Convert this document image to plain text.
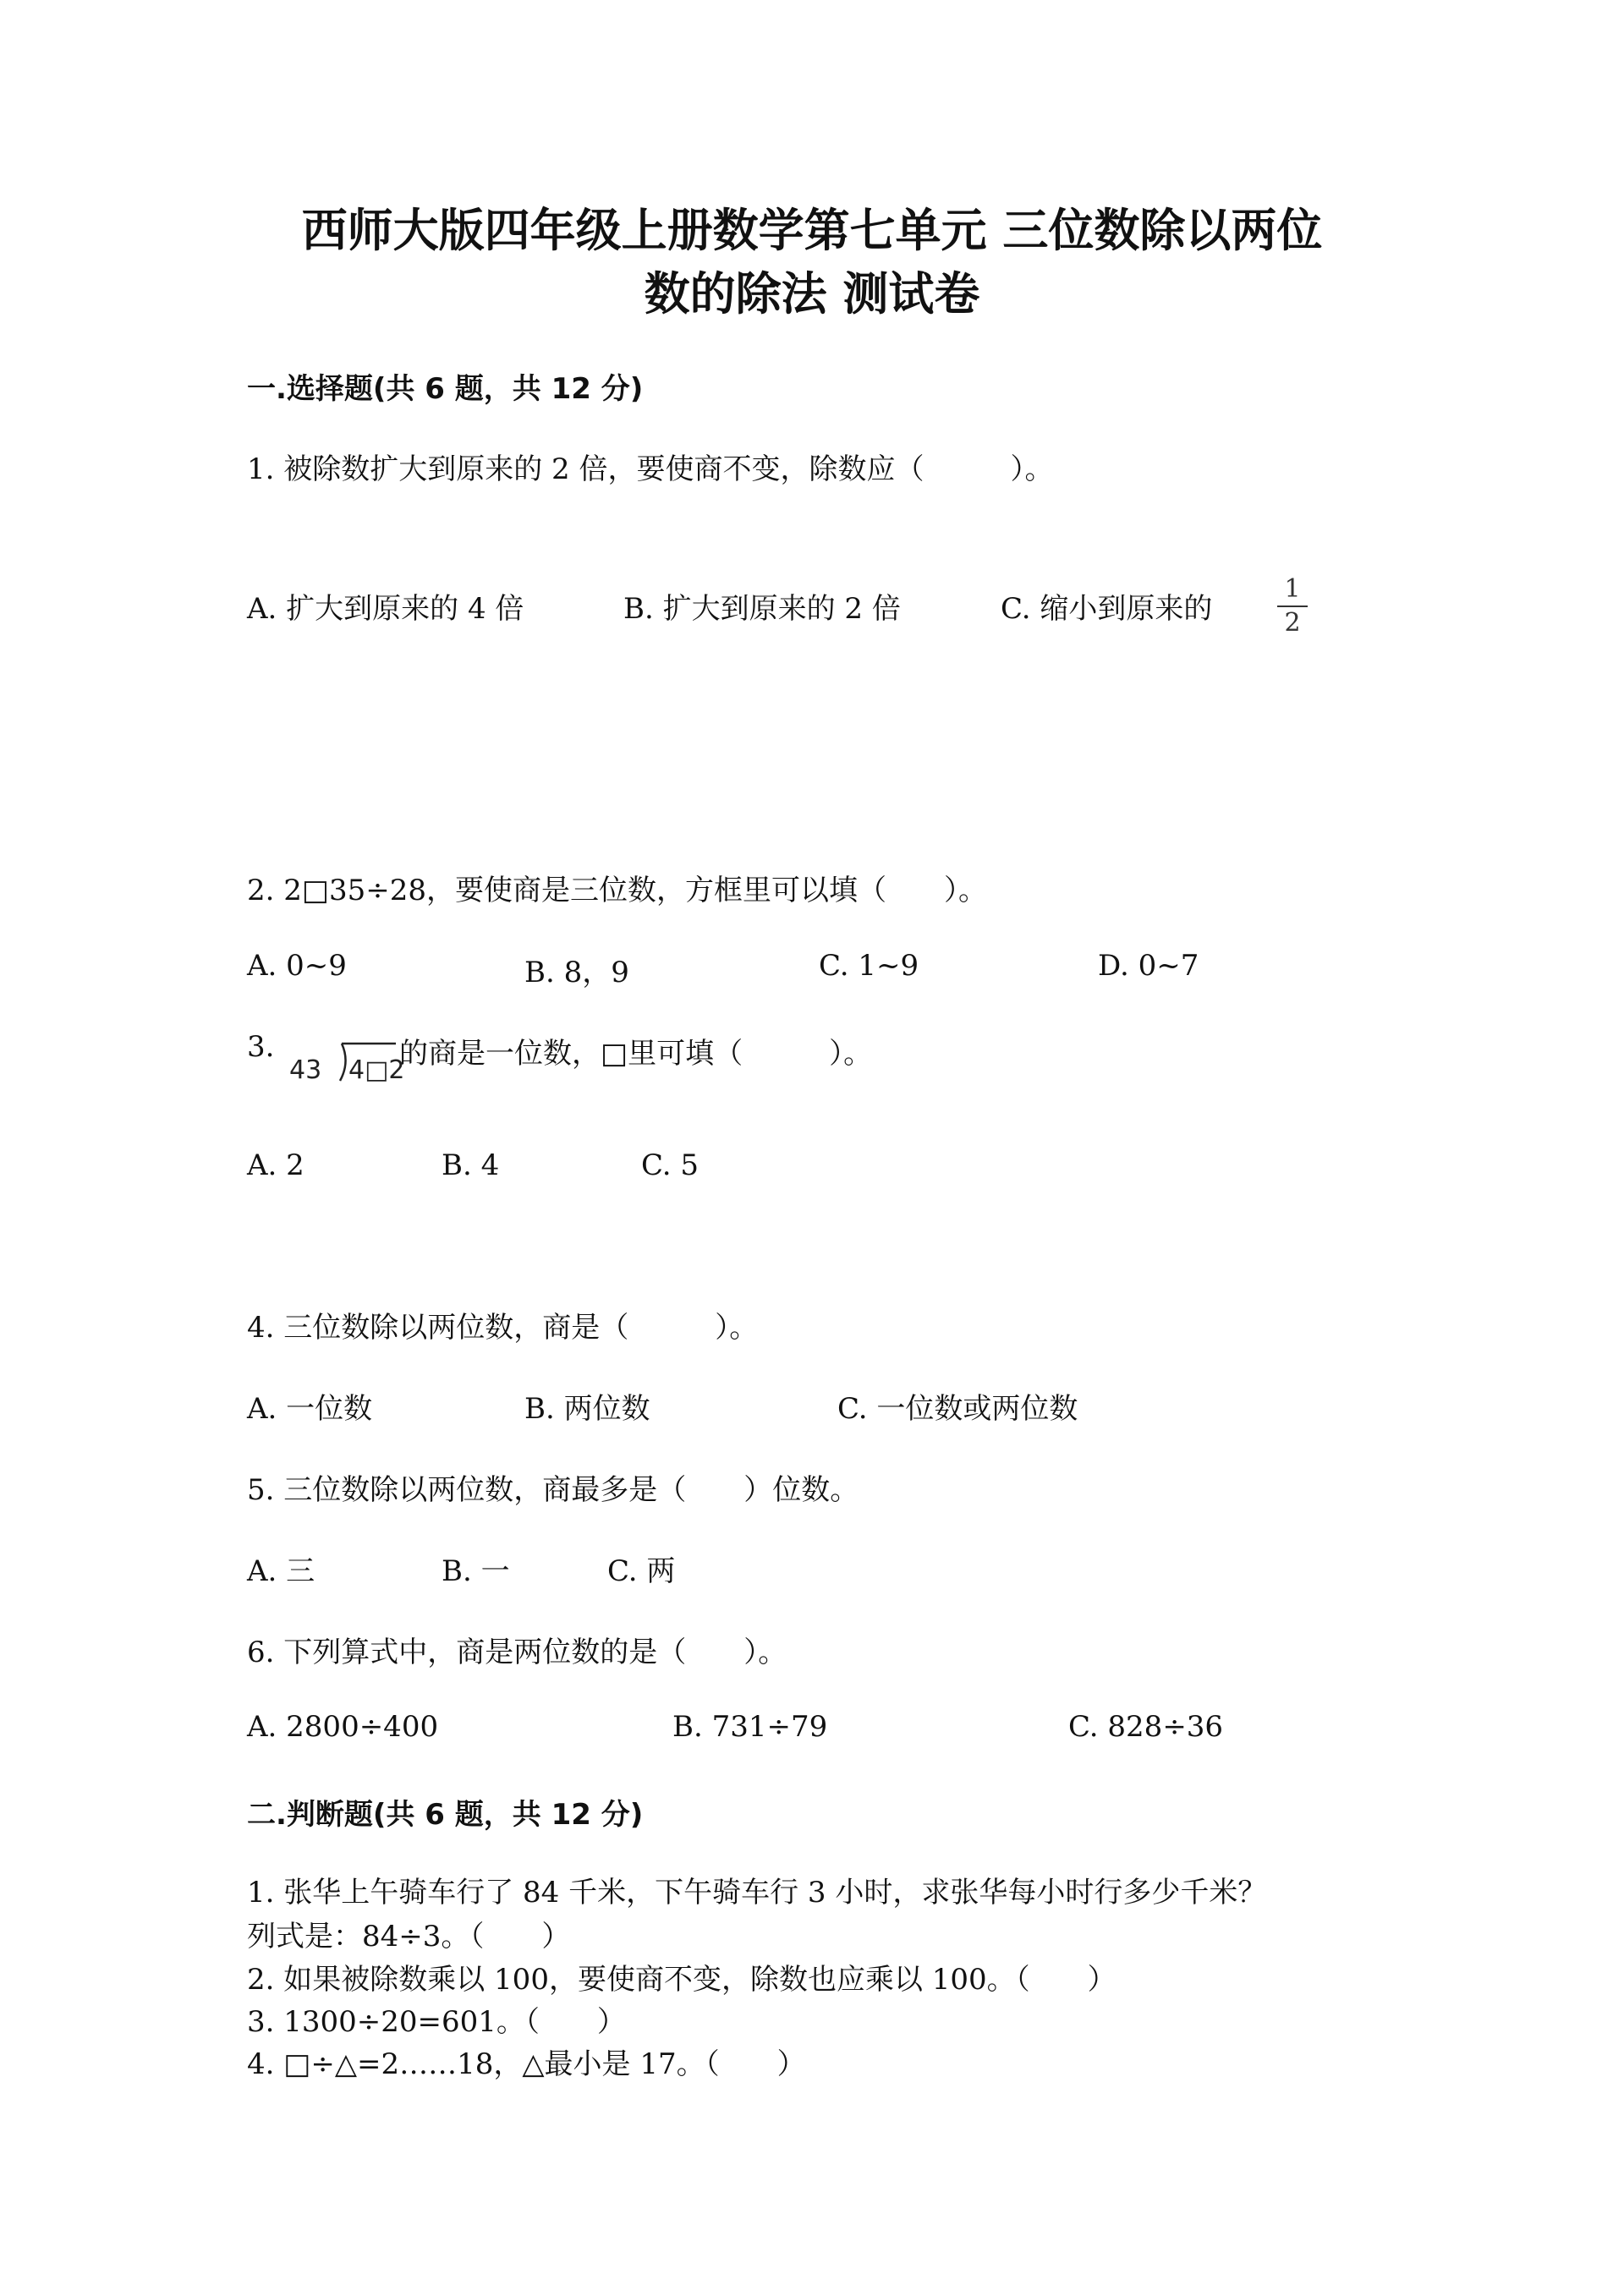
西师大版四年级上册数学第七单元 三位数除以两位
数的除法 测试卷
一.选择题(共 6 题，共 12 分)
1. 被除数扩大到原来的 2 倍，要使商不变，除数应（　　　）。
A. 扩大到原来的 4 倍	B. 扩大到原来的 2 倍	C. 缩小到原来的
1
2
2. 2□35÷28，要使商是三位数，方框里可以填（　　）。
A. 0~9	B. 8，9	C. 1~9	D. 0~7
3.
43 4□2
的商是一位数，□里可填（　　　）。
A. 2	B. 4	C. 5
4. 三位数除以两位数，商是（　　　）。
A. 一位数	B. 两位数	C. 一位数或两位数
5. 三位数除以两位数，商最多是（　　）位数。
A. 三	B. 一	C. 两
6. 下列算式中，商是两位数的是（　　）。
A. 2800÷400	B. 731÷79	C. 828÷36
二.判断题(共 6 题，共 12 分)
1. 张华上午骑车行了 84 千米，下午骑车行 3 小时，求张华每小时行多少千米？
列式是：84÷3。（　　）
2. 如果被除数乘以 100，要使商不变，除数也应乘以 100。（　　）
3. 1300÷20=601。（　　）
4. □÷△=2……18，△最小是 17。（　　）
